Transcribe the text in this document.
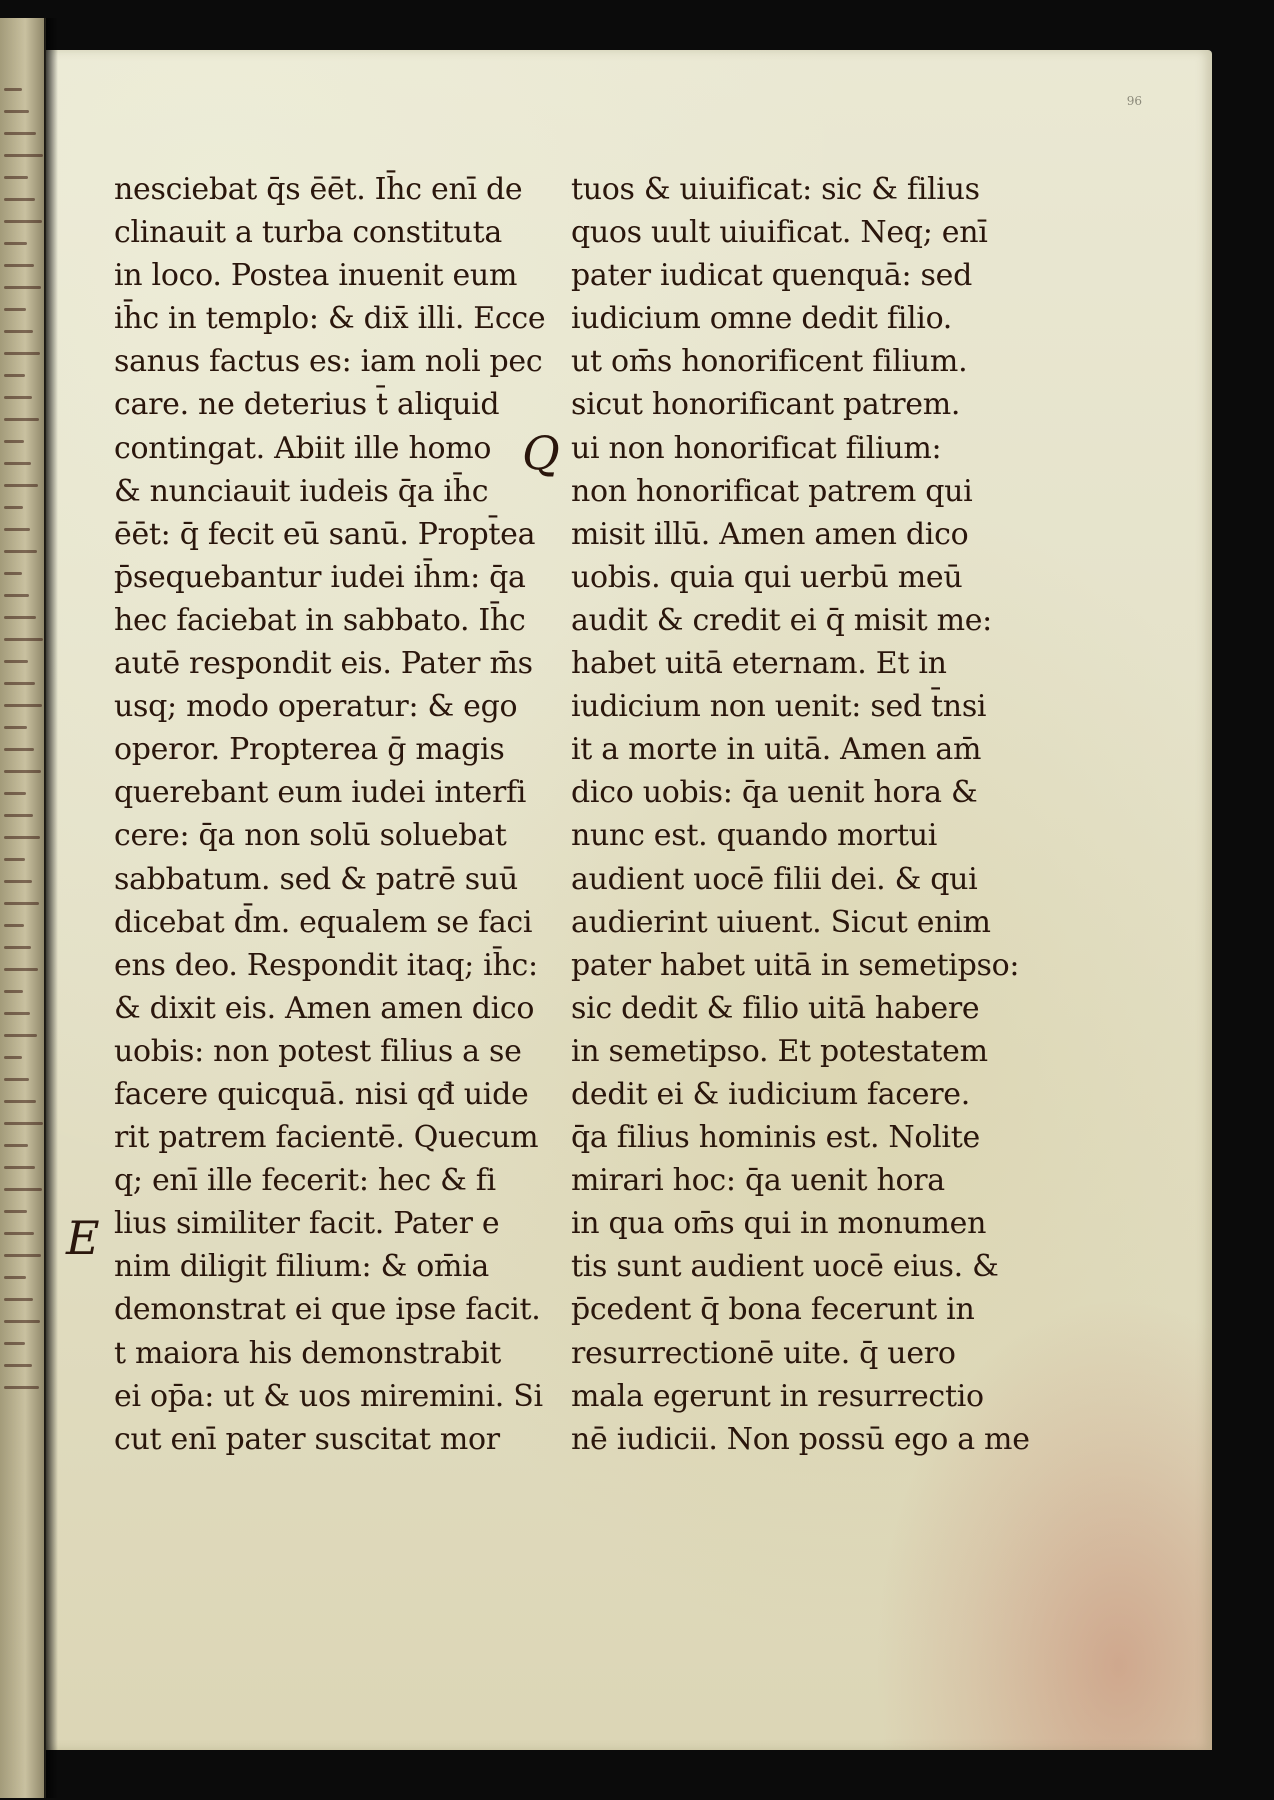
96
nesciebat q̄s ēēt. Ih̄c enī de
clinauit a turba constituta
in loco. Postea inuenit eum
ih̄c in templo: & dix̄ illi. Ecce
sanus factus es: iam noli pec
care. ne deterius t̄ aliquid
contingat. Abiit ille homo
& nunciauit iudeis q̄a ih̄c
ēēt: q̄ fecit eū sanū. Propt̄ea
p̄sequebantur iudei ih̄m: q̄a
hec faciebat in sabbato. Ih̄c
autē respondit eis. Pater m̄s
usq; modo operatur: & ego
operor. Propterea ḡ magis
querebant eum iudei interfi
cere: q̄a non solū soluebat
sabbatum. sed & patrē suū
dicebat d̄m. equalem se faci
ens deo. Respondit itaq; ih̄c:
& dixit eis. Amen amen dico
uobis: non potest filius a se
facere quicquā. nisi qđ uide
rit patrem facientē. Quecum
q; enī ille fecerit: hec & fi
lius similiter facit. Pater e
nim diligit filium: & om̄ia
demonstrat ei que ipse facit.
t maiora his demonstrabit
ei op̄a: ut & uos miremini. Si
cut enī pater suscitat mor
tuos & uiuificat: sic & filius
quos uult uiuificat. Neq; enī
pater iudicat quenquā: sed
iudicium omne dedit filio.
ut om̄s honorificent filium.
sicut honorificant patrem.
ui non honorificat filium:
non honorificat patrem qui
misit illū. Amen amen dico
uobis. quia qui uerbū meū
audit & credit ei q̄ misit me:
habet uitā eternam. Et in
iudicium non uenit: sed t̄nsi
it a morte in uitā. Amen am̄
dico uobis: q̄a uenit hora &
nunc est. quando mortui
audient uocē filii dei. & qui
audierint uiuent. Sicut enim
pater habet uitā in semetipso:
sic dedit & filio uitā habere
in semetipso. Et potestatem
dedit ei & iudicium facere.
q̄a filius hominis est. Nolite
mirari hoc: q̄a uenit hora
in qua om̄s qui in monumen
tis sunt audient uocē eius. &
p̄cedent q̄ bona fecerunt in
resurrectionē uite. q̄ uero
mala egerunt in resurrectio
nē iudicii. Non possū ego a me
E
Q
